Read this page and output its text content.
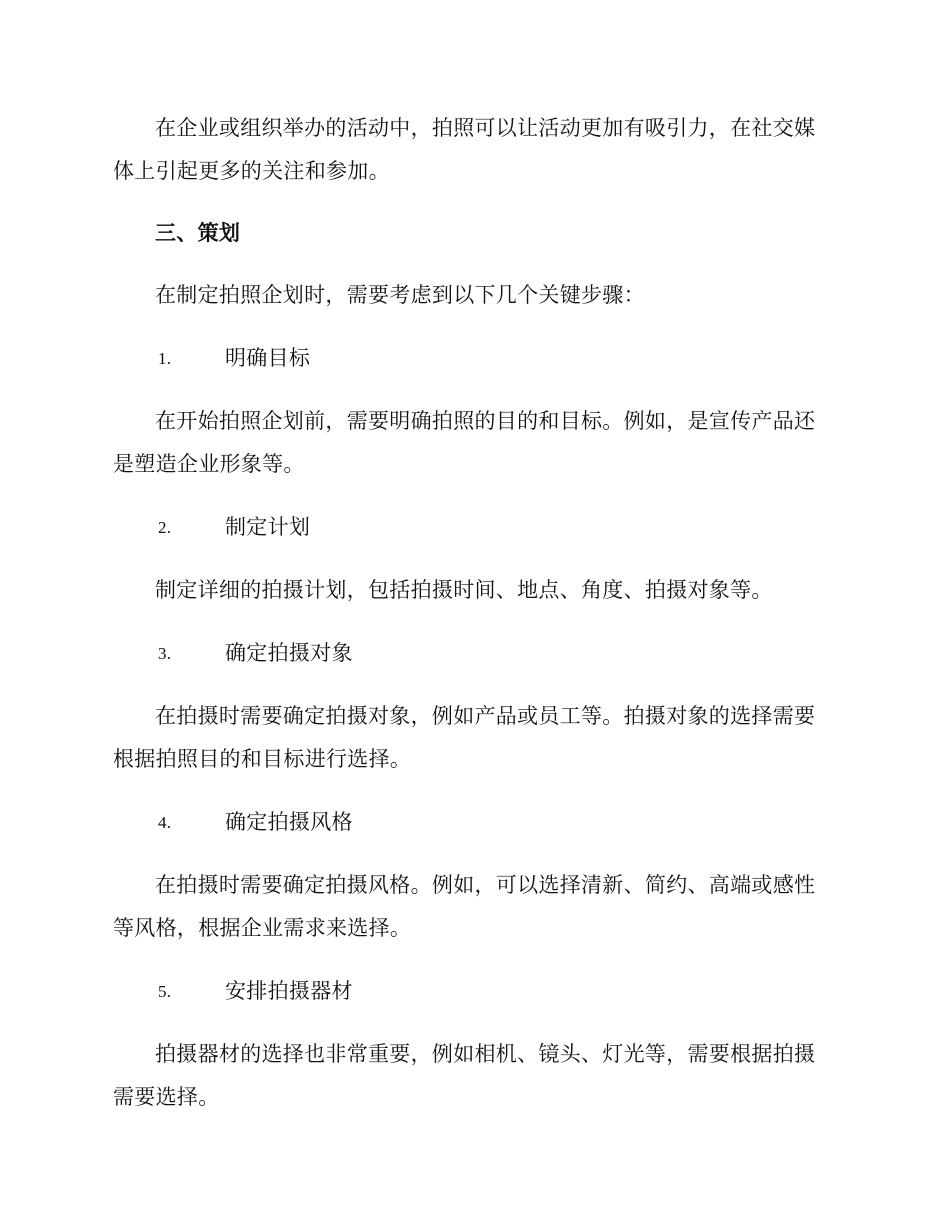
在企业或组织举办的活动中，拍照可以让活动更加有吸引力，在社交媒体上引起更多的关注和参加。

三、策划

在制定拍照企划时，需要考虑到以下几个关键步骤：

1.	明确目标

在开始拍照企划前，需要明确拍照的目的和目标。例如，是宣传产品还是塑造企业形象等。

2.	制定计划

制定详细的拍摄计划，包括拍摄时间、地点、角度、拍摄对象等。

3.	确定拍摄对象

在拍摄时需要确定拍摄对象，例如产品或员工等。拍摄对象的选择需要根据拍照目的和目标进行选择。

4.	确定拍摄风格

在拍摄时需要确定拍摄风格。例如，可以选择清新、简约、高端或感性等风格，根据企业需求来选择。

5.	安排拍摄器材

拍摄器材的选择也非常重要，例如相机、镜头、灯光等，需要根据拍摄需要选择。
